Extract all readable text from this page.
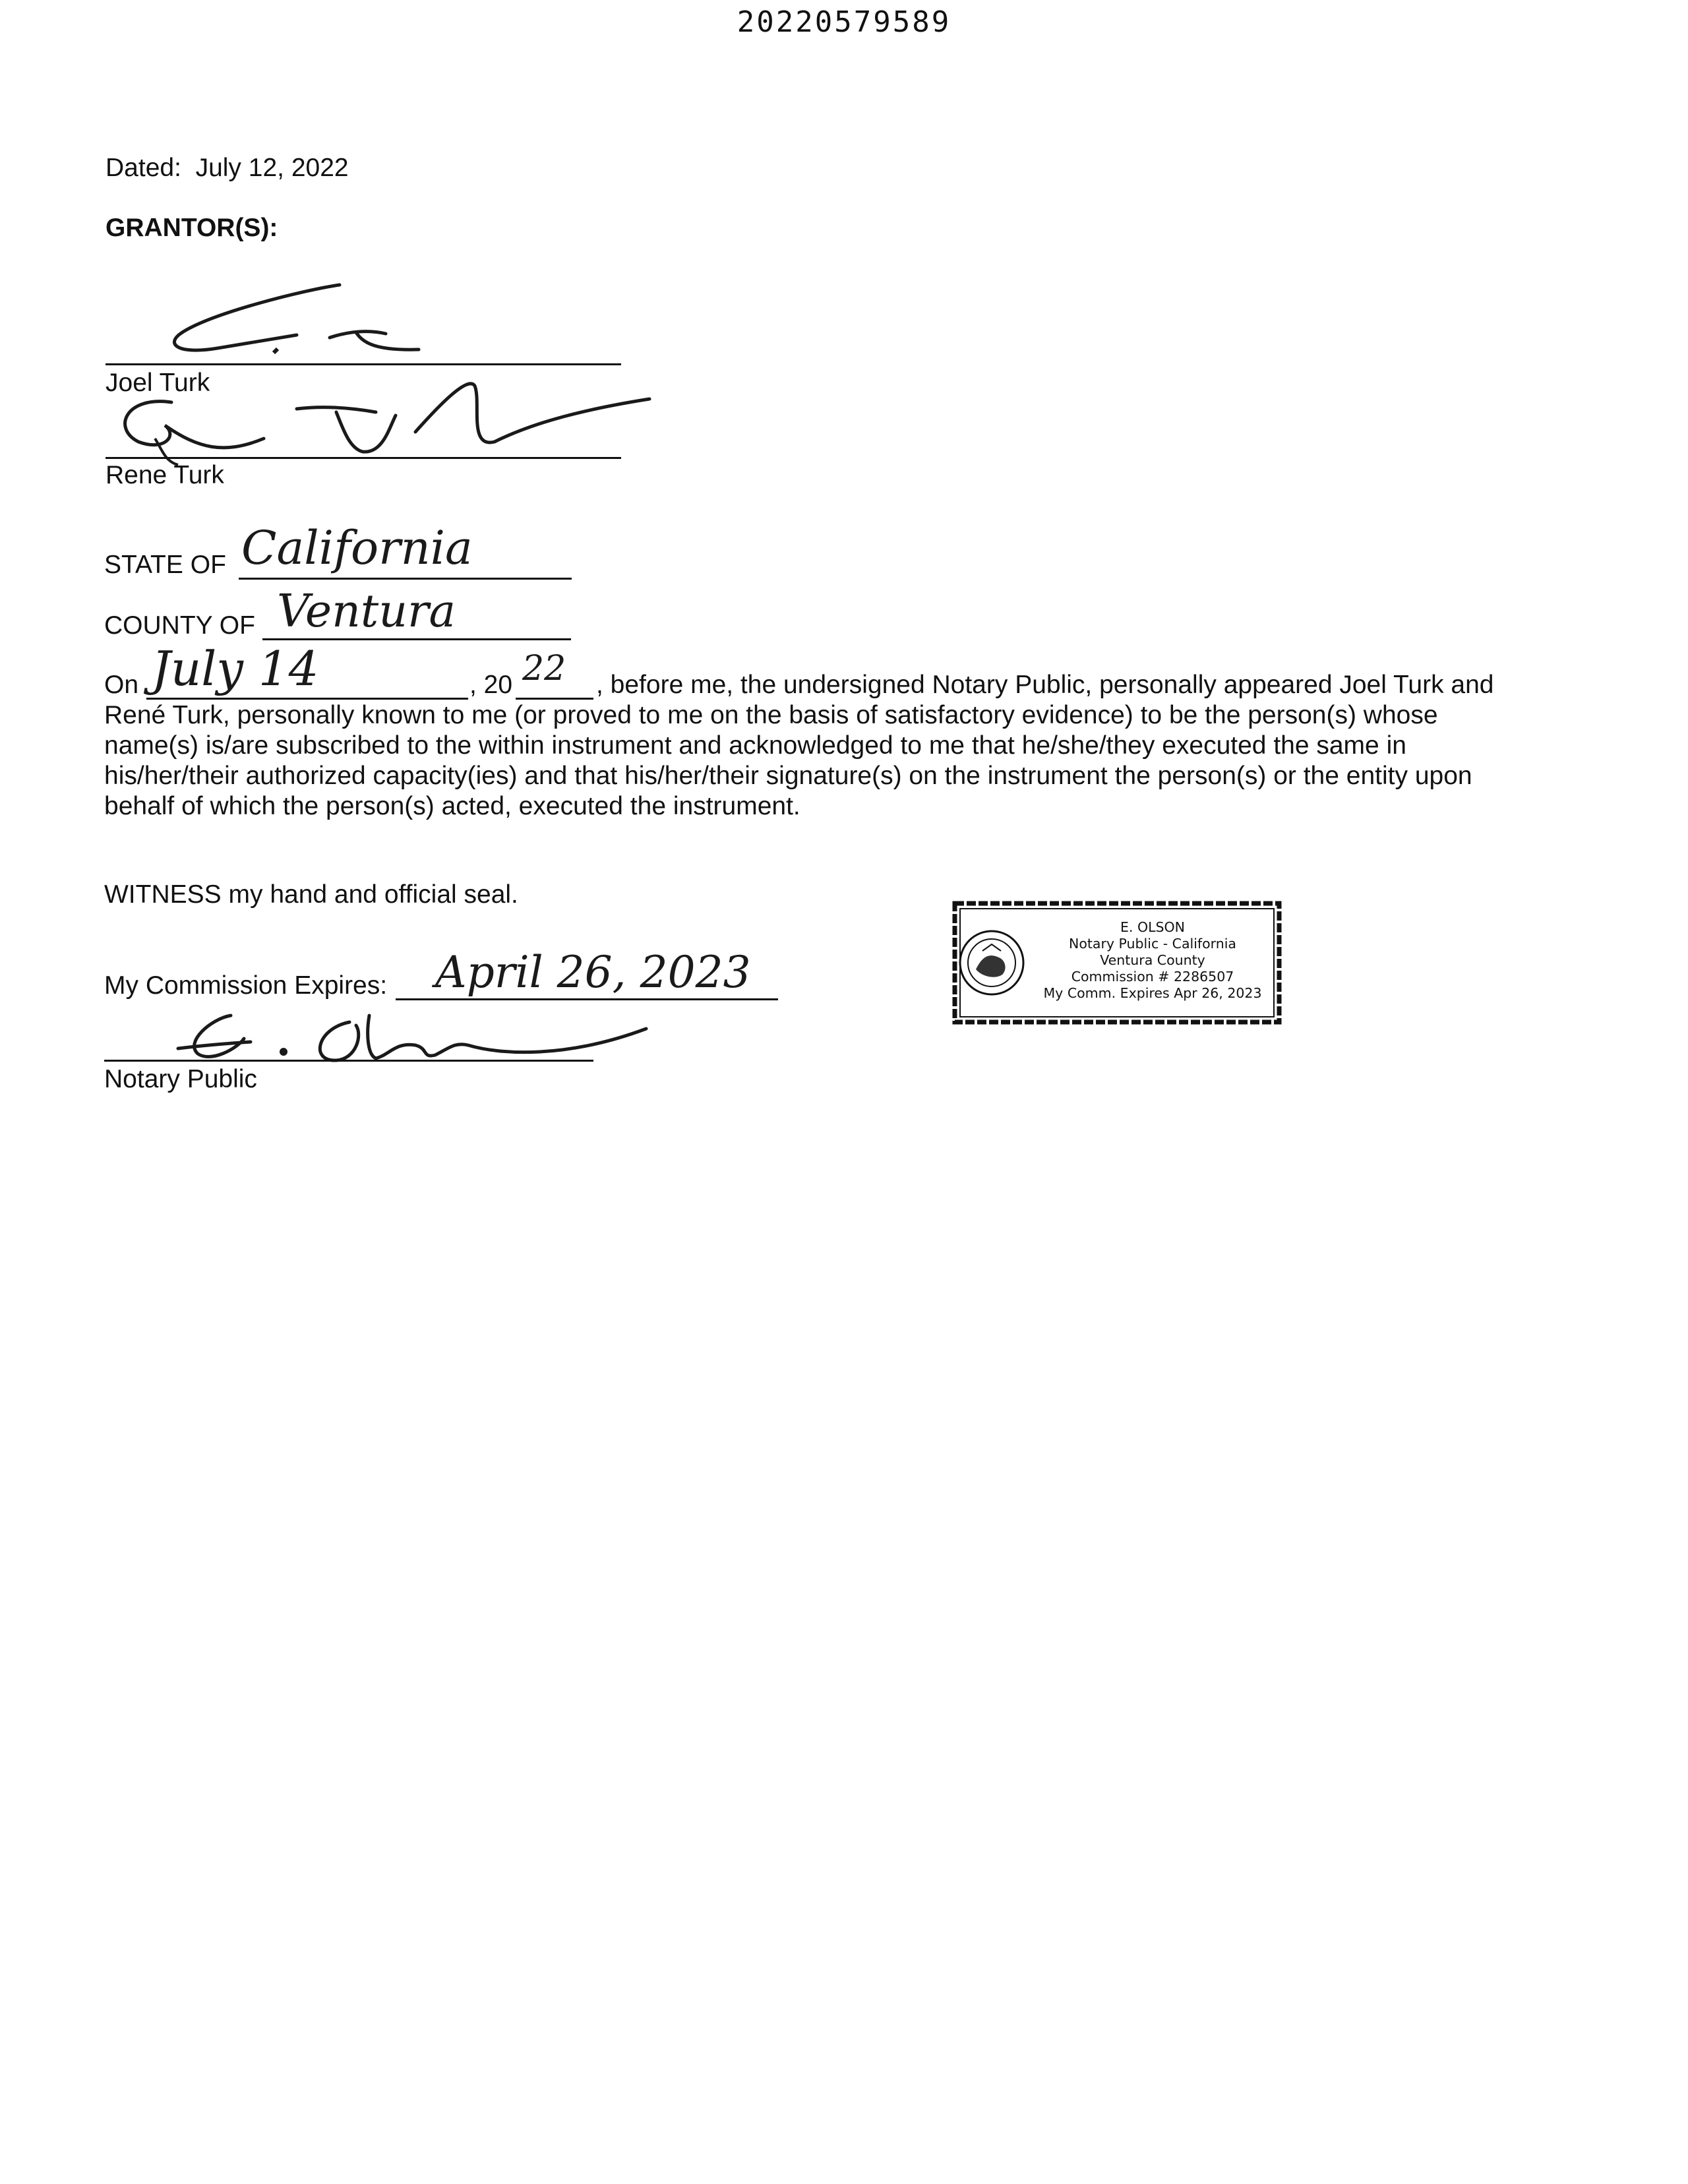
20220579589
Dated: July 12, 2022
GRANTOR(S):
Joel Turk
Rene Turk
STATE OF California
COUNTY OF Ventura
On July 14	, 20 22 , before me, the undersigned Notary Public, personally appeared Joel Turk and
René Turk, personally known to me (or proved to me on the basis of satisfactory evidence) to be the person(s) whose
name(s) is/are subscribed to the within instrument and acknowledged to me that he/she/they executed the same in
his/her/their authorized capacity(ies) and that his/her/their signature(s) on the instrument the person(s) or the entity upon
behalf of which the person(s) acted, executed the instrument.
WITNESS my hand and official seal.
My Commission Expires: April 26, 2023
Notary Public
E. OLSON
Notary Public - California
Ventura County
Commission # 2286507
My Comm. Expires Apr 26, 2023
